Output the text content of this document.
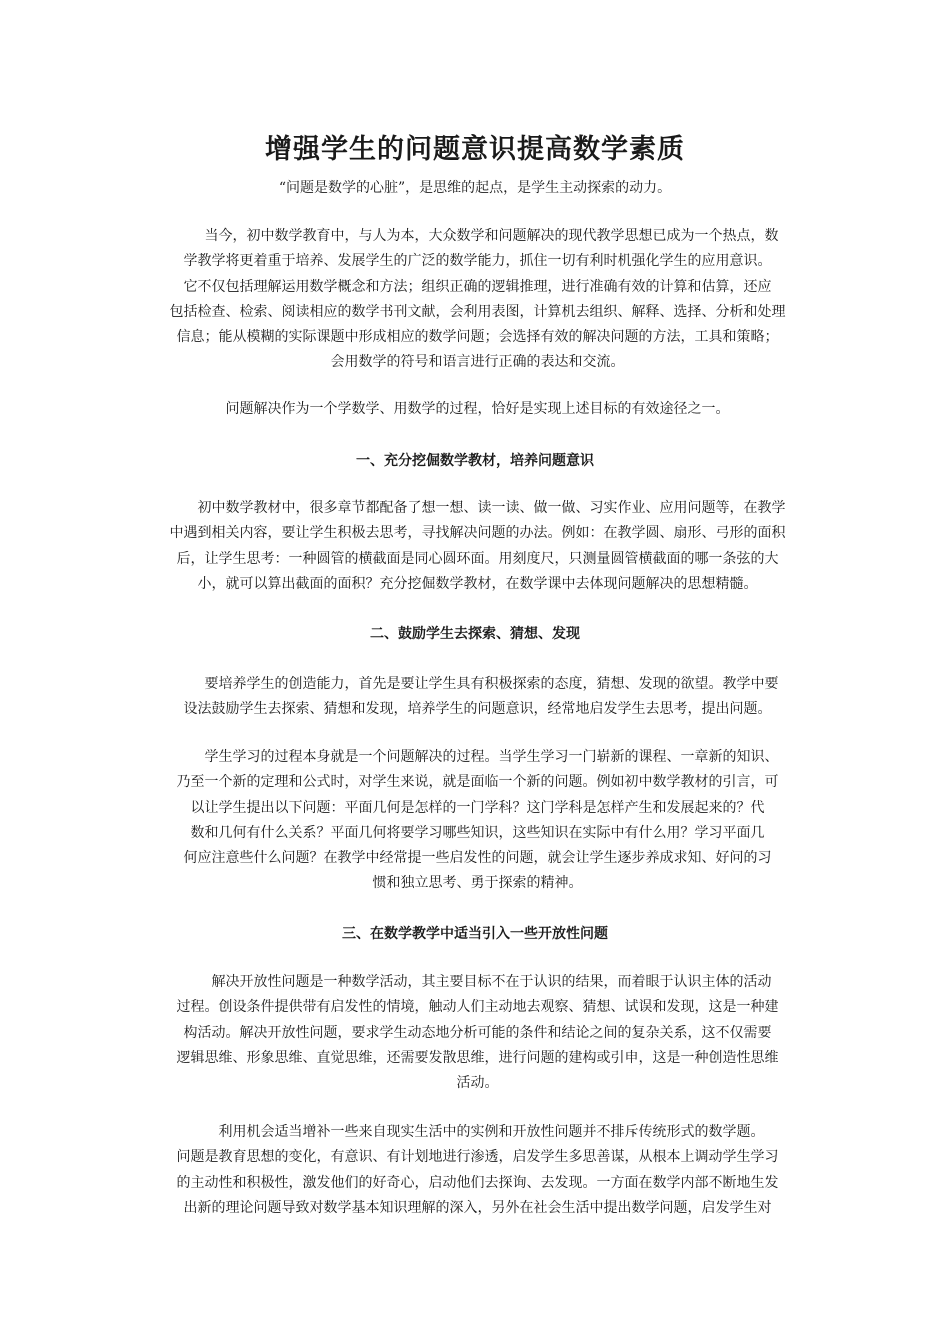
增强学生的问题意识提高数学素质

“问题是数学的心脏”，是思维的起点，是学生主动探索的动力。

当今，初中数学教育中，与人为本，大众数学和问题解决的现代教学思想已成为一个热点，数
学教学将更着重于培养、发展学生的广泛的数学能力，抓住一切有利时机强化学生的应用意识。
它不仅包括理解运用数学概念和方法；组织正确的逻辑推理，进行准确有效的计算和估算，还应
包括检查、检索、阅读相应的数学书刊文献，会利用表图，计算机去组织、解释、选择、分析和处理
信息；能从模糊的实际课题中形成相应的数学问题；会选择有效的解决问题的方法，工具和策略；
会用数学的符号和语言进行正确的表达和交流。

问题解决作为一个学数学、用数学的过程，恰好是实现上述目标的有效途径之一。

一、充分挖倔数学教材，培养问题意识

初中数学教材中，很多章节都配备了想一想、读一读、做一做、习实作业、应用问题等，在教学
中遇到相关内容，要让学生积极去思考，寻找解决问题的办法。例如：在教学圆、扇形、弓形的面积
后，让学生思考：一种圆管的横截面是同心圆环面。用刻度尺，只测量圆管横截面的哪一条弦的大
小，就可以算出截面的面积？充分挖倔数学教材，在数学课中去体现问题解决的思想精髓。

二、鼓励学生去探索、猜想、发现

要培养学生的创造能力，首先是要让学生具有积极探索的态度，猜想、发现的欲望。教学中要
设法鼓励学生去探索、猜想和发现，培养学生的问题意识，经常地启发学生去思考，提出问题。

学生学习的过程本身就是一个问题解决的过程。当学生学习一门崭新的课程、一章新的知识、
乃至一个新的定理和公式时，对学生来说，就是面临一个新的问题。例如初中数学教材的引言，可
以让学生提出以下问题：平面几何是怎样的一门学科？这门学科是怎样产生和发展起来的？代
数和几何有什么关系？平面几何将要学习哪些知识，这些知识在实际中有什么用？学习平面几
何应注意些什么问题？在教学中经常提一些启发性的问题，就会让学生逐步养成求知、好问的习
惯和独立思考、勇于探索的精神。

三、在数学教学中适当引入一些开放性问题

解决开放性问题是一种数学活动，其主要目标不在于认识的结果，而着眼于认识主体的活动
过程。创设条件提供带有启发性的情境，触动人们主动地去观察、猜想、试误和发现，这是一种建
构活动。解决开放性问题，要求学生动态地分析可能的条件和结论之间的复杂关系，这不仅需要
逻辑思维、形象思维、直觉思维，还需要发散思维，进行问题的建构或引申，这是一种创造性思维
活动。

利用机会适当增补一些来自现实生活中的实例和开放性问题并不排斥传统形式的数学题。
问题是教育思想的变化，有意识、有计划地进行渗透，启发学生多思善谋，从根本上调动学生学习
的主动性和积极性，激发他们的好奇心，启动他们去探询、去发现。一方面在数学内部不断地生发
出新的理论问题导致对数学基本知识理解的深入，另外在社会生活中提出数学问题，启发学生对
